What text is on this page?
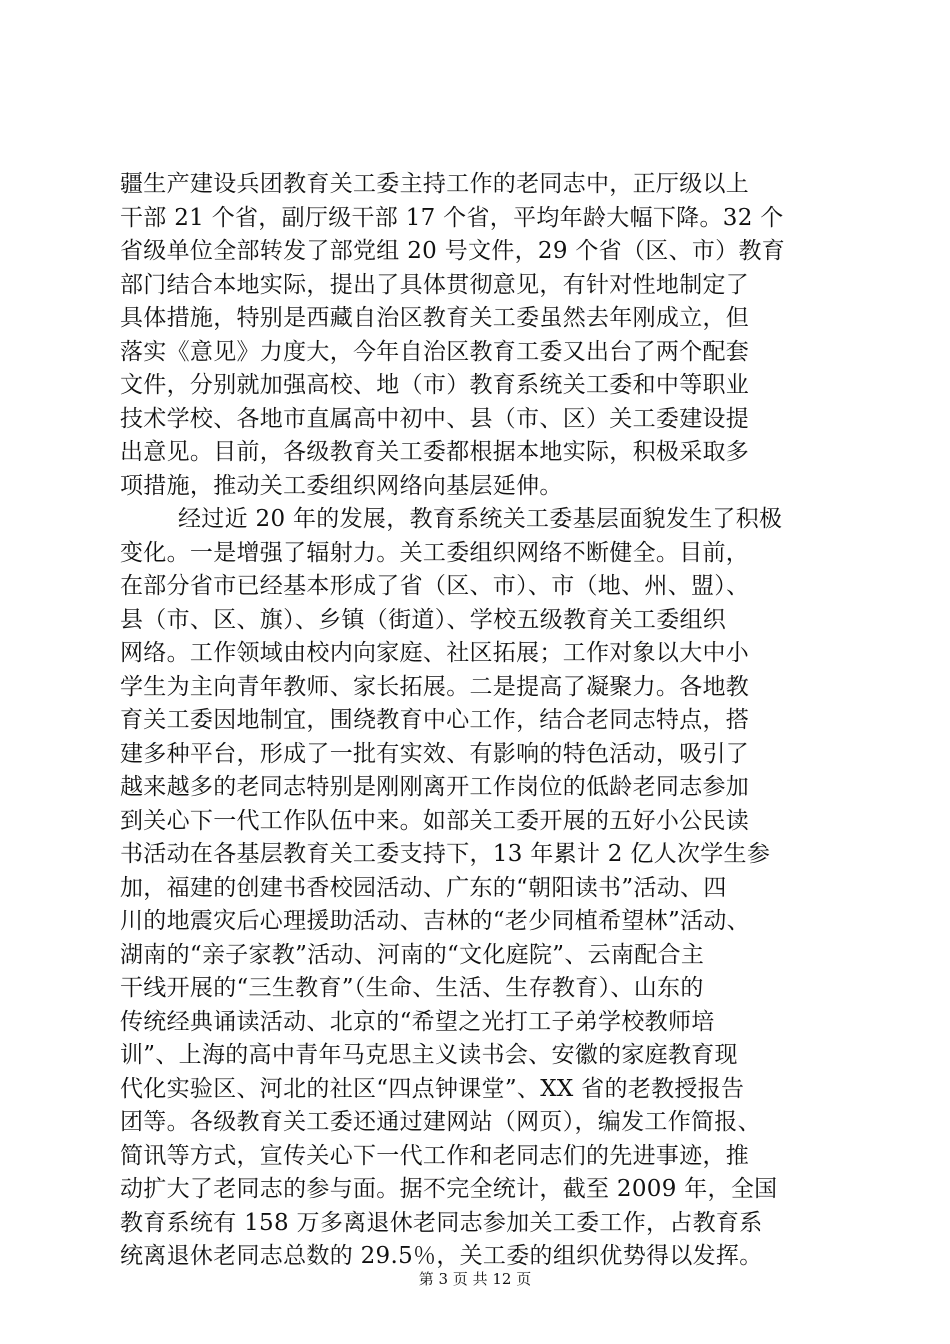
疆生产建设兵团教育关工委主持工作的老同志中，正厅级以上
干部 21 个省，副厅级干部 17 个省，平均年龄大幅下降。32 个
省级单位全部转发了部党组 20 号文件，29 个省（区、市）教育
部门结合本地实际，提出了具体贯彻意见，有针对性地制定了
具体措施，特别是西藏自治区教育关工委虽然去年刚成立，但
落实《意见》力度大，今年自治区教育工委又出台了两个配套
文件，分别就加强高校、地（市）教育系统关工委和中等职业
技术学校、各地市直属高中初中、县（市、区）关工委建设提
出意见。目前，各级教育关工委都根据本地实际，积极采取多
项措施，推动关工委组织网络向基层延伸。
经过近 20 年的发展，教育系统关工委基层面貌发生了积极
变化。一是增强了辐射力。关工委组织网络不断健全。目前，
在部分省市已经基本形成了省（区、市）、市（地、州、盟）、
县（市、区、旗）、乡镇（街道）、学校五级教育关工委组织
网络。工作领域由校内向家庭、社区拓展；工作对象以大中小
学生为主向青年教师、家长拓展。二是提高了凝聚力。各地教
育关工委因地制宜，围绕教育中心工作，结合老同志特点，搭
建多种平台，形成了一批有实效、有影响的特色活动，吸引了
越来越多的老同志特别是刚刚离开工作岗位的低龄老同志参加
到关心下一代工作队伍中来。如部关工委开展的五好小公民读
书活动在各基层教育关工委支持下，13 年累计 2 亿人次学生参
加，福建的创建书香校园活动、广东的“朝阳读书”活动、四
川的地震灾后心理援助活动、吉林的“老少同植希望林”活动、
湖南的“亲子家教”活动、河南的“文化庭院”、云南配合主
干线开展的“三生教育”（生命、生活、生存教育）、山东的
传统经典诵读活动、北京的“希望之光打工子弟学校教师培
训”、上海的高中青年马克思主义读书会、安徽的家庭教育现
代化实验区、河北的社区“四点钟课堂”、XX 省的老教授报告
团等。各级教育关工委还通过建网站（网页），编发工作简报、
简讯等方式，宣传关心下一代工作和老同志们的先进事迹，推
动扩大了老同志的参与面。据不完全统计，截至 2009 年，全国
教育系统有 158 万多离退休老同志参加关工委工作，占教育系
统离退休老同志总数的 29.5％，关工委的组织优势得以发挥。
第 3 页 共 12 页
